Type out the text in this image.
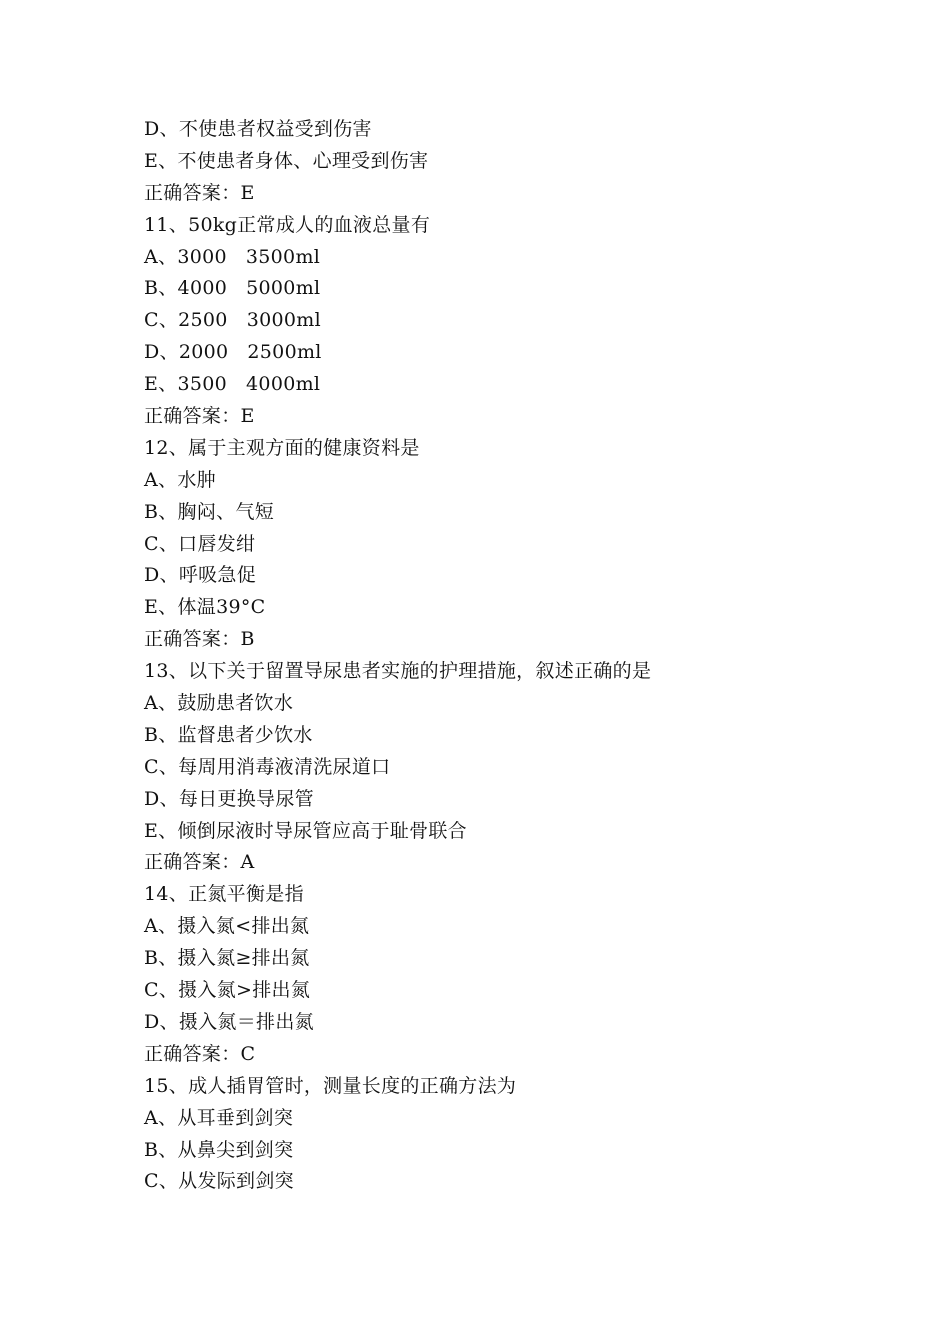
D、不使患者权益受到伤害
E、不使患者身体、心理受到伤害
正确答案：E
11、50kg正常成人的血液总量有
A、3000   3500ml
B、4000   5000ml
C、2500   3000ml
D、2000   2500ml
E、3500   4000ml
正确答案：E
12、属于主观方面的健康资料是
A、水肿
B、胸闷、气短
C、口唇发绀
D、呼吸急促
E、体温39°C
正确答案：B
13、以下关于留置导尿患者实施的护理措施，叙述正确的是
A、鼓励患者饮水
B、监督患者少饮水
C、每周用消毒液清洗尿道口
D、每日更换导尿管
E、倾倒尿液时导尿管应高于耻骨联合
正确答案：A
14、正氮平衡是指
A、摄入氮<排出氮
B、摄入氮≥排出氮
C、摄入氮>排出氮
D、摄入氮＝排出氮
正确答案：C
15、成人插胃管时，测量长度的正确方法为
A、从耳垂到剑突
B、从鼻尖到剑突
C、从发际到剑突
